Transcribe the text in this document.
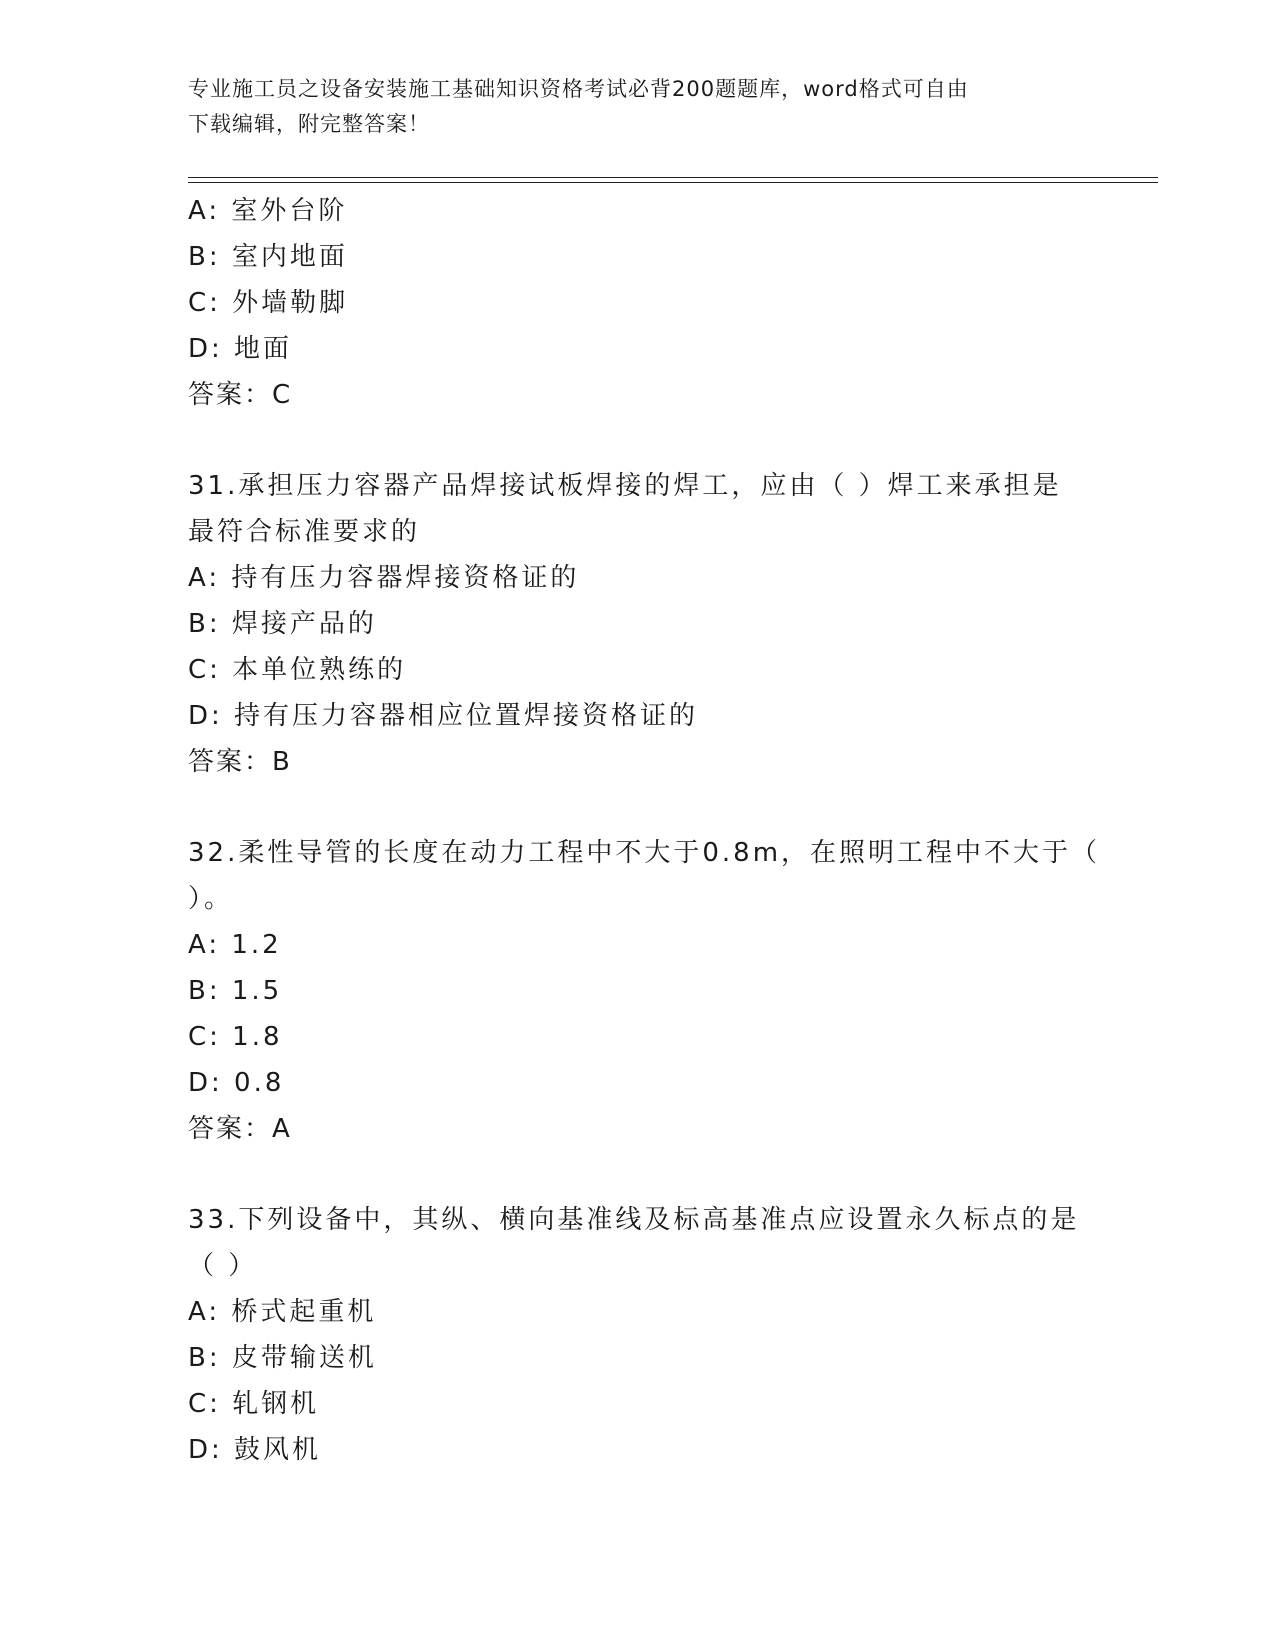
专业施工员之设备安装施工基础知识资格考试必背200题题库，word格式可自由
下载编辑，附完整答案！
A: 室外台阶
B: 室内地面
C: 外墙勒脚
D: 地面
答案：C
31.承担压力容器产品焊接试板焊接的焊工，应由（ ）焊工来承担是
最符合标准要求的
A: 持有压力容器焊接资格证的
B: 焊接产品的
C: 本单位熟练的
D: 持有压力容器相应位置焊接资格证的
答案：B
32.柔性导管的长度在动力工程中不大于0.8m，在照明工程中不大于（
）。
A: 1.2
B: 1.5
C: 1.8
D: 0.8
答案：A
33.下列设备中，其纵、横向基准线及标高基准点应设置永久标点的是
（ ）
A: 桥式起重机
B: 皮带输送机
C: 轧钢机
D: 鼓风机
